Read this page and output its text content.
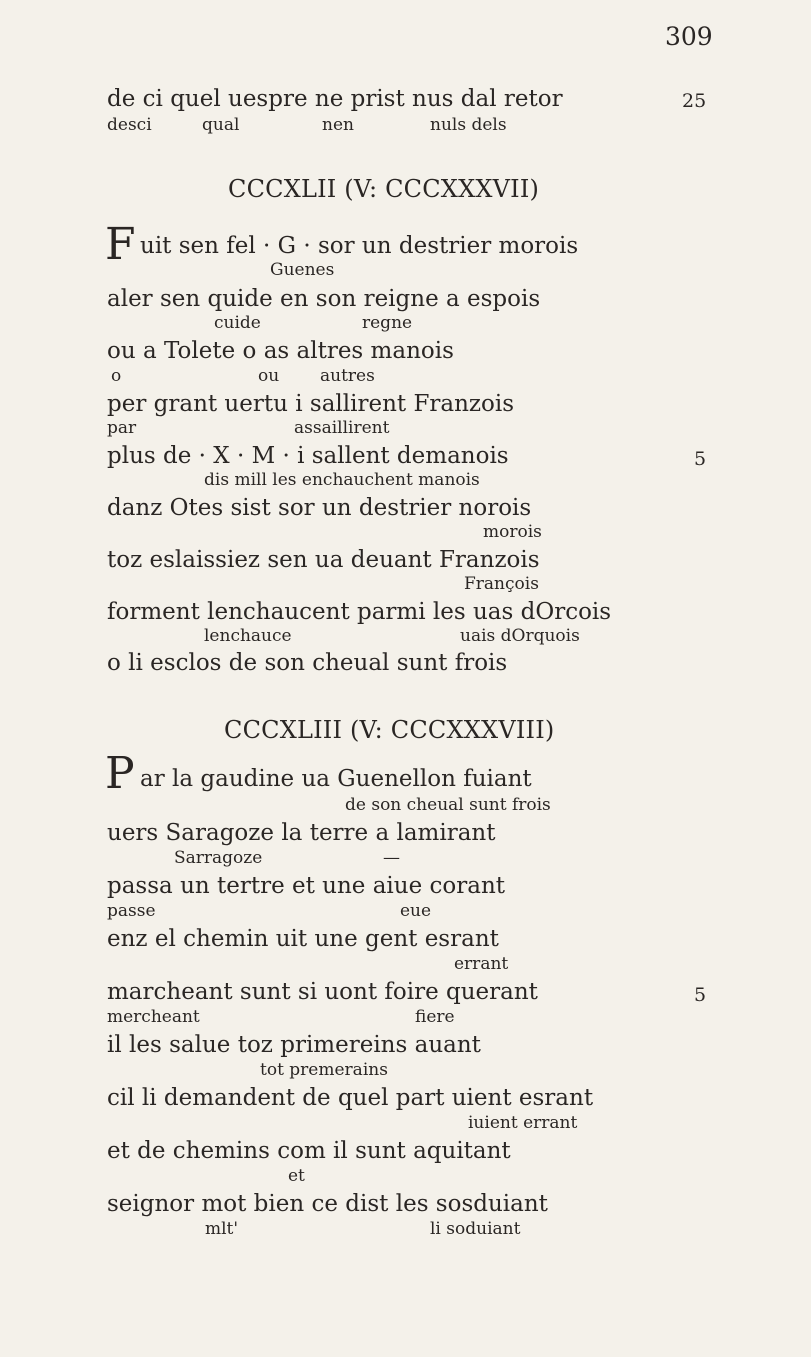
309
de ci quel uespre ne prist nus dal retor	25
desci	qual	nen	nuls dels
CCCXLII (V: CCCXXXVII)
F uit sen fel · G · sor un destrier morois
Guenes
aler sen quide en son reigne a espois
cuide	regne
ou a Tolete o as altres manois
o	ou autres
per grant uertu i sallirent Franzois
par	assaillirent
plus de · X · M · i sallent demanois	5
dis mill les enchauchent manois
danz Otes sist sor un destrier norois
morois
toz eslaissiez sen ua deuant Franzois
François
forment lenchaucent parmi les uas dOrcois
lenchauce	uais dOrquois
o li esclos de son cheual sunt frois
CCCXLIII (V: CCCXXXVIII)
P ar la gaudine ua Guenellon fuiant
de son cheual sunt frois
uers Saragoze la terre a lamirant
Sarragoze	—
passa un tertre et une aiue corant
passe	eue
enz el chemin uit une gent esrant
errant
marcheant sunt si uont foire querant	5
mercheant	fiere
il les salue toz primereins auant
tot premerains
cil li demandent de quel part uient esrant
iuient errant
et de chemins com il sunt aquitant
et
seignor mot bien ce dist les sosduiant
mlt'	li soduiant
